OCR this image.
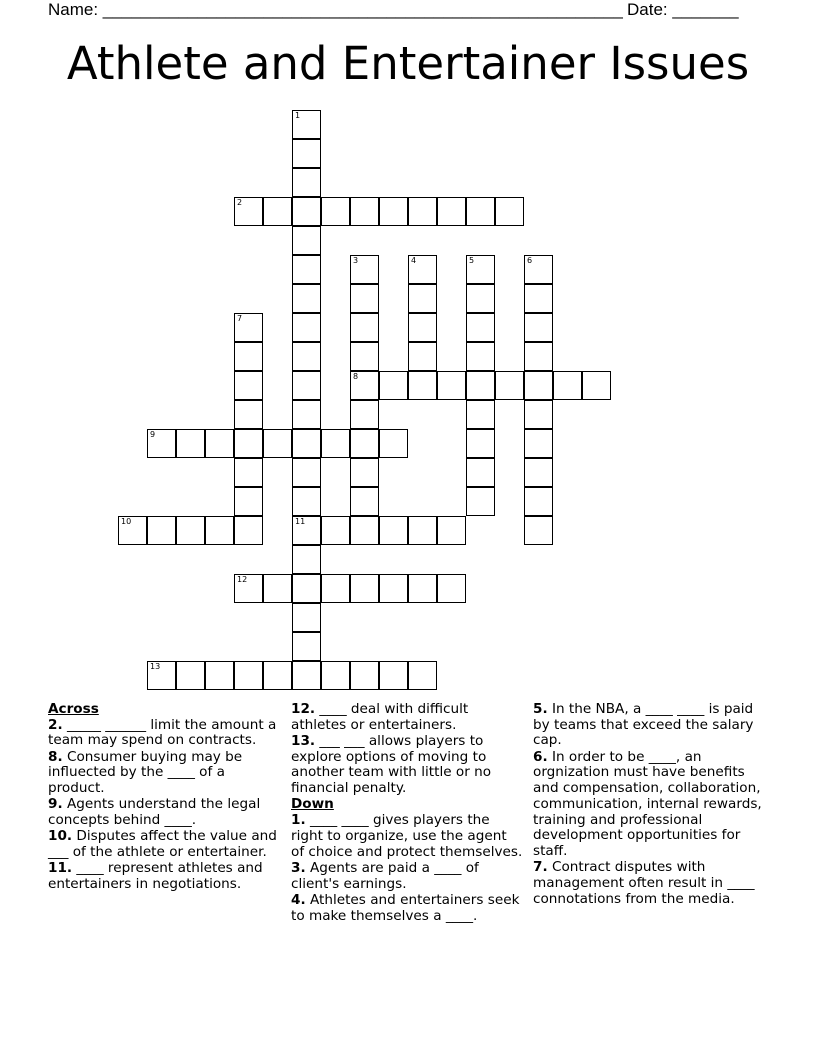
Name: _______________________________________________________ Date: _______
Athlete and Entertainer Issues
1
11
2
3
8
4	5	6
7
9
10
12
13
Across
2. _____ ______ limit the amount a team may spend on contracts.
8. Consumer buying may be influected by the ____ of a product.
9. Agents understand the legal concepts behind ____.
10. Disputes affect the value and ___ of the athlete or entertainer.
11. ____ represent athletes and entertainers in negotiations.
12. ____ deal with difficult athletes or entertainers.
13. ___ ___ allows players to explore options of moving to another team with little or no financial penalty.
Down
1. ____ ____ gives players the right to organize, use the agent of choice and protect themselves.
3. Agents are paid a ____ of client's earnings.
4. Athletes and entertainers seek to make themselves a ____.
5. In the NBA, a ____ ____ is paid by teams that exceed the salary cap.
6. In order to be ____, an orgnization must have benefits and compensation, collaboration, communication, internal rewards, training and professional development opportunities for staff.
7. Contract disputes with management often result in ____ connotations from the media.
